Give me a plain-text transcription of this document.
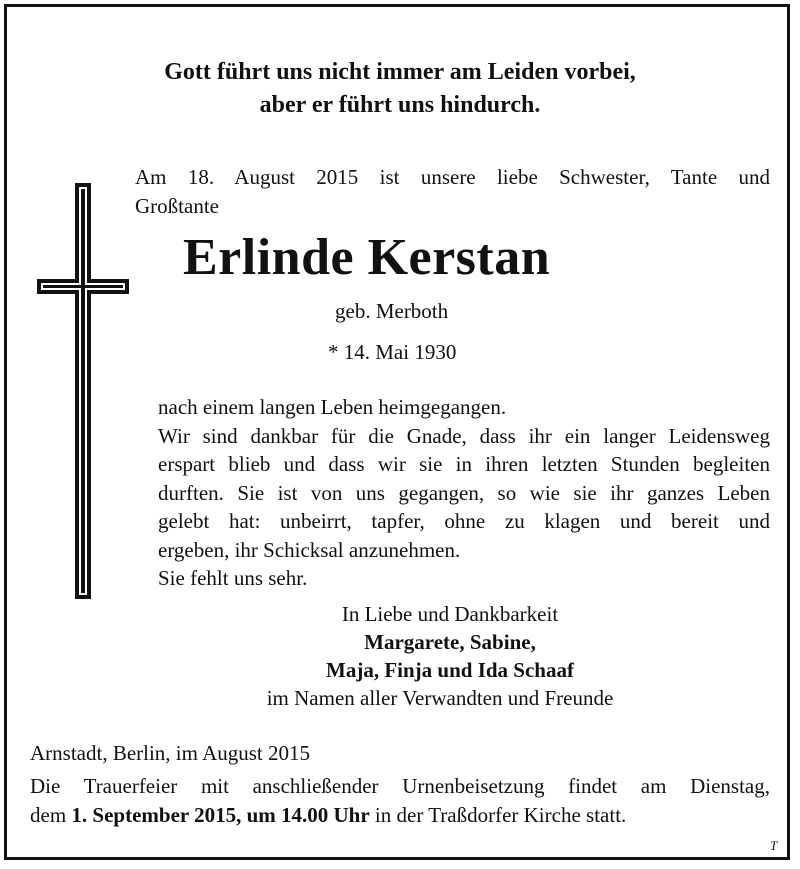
Gott führt uns nicht immer am Leiden vorbei,
aber er führt uns hindurch.
Am 18. August 2015 ist unsere liebe Schwester, Tante und
Großtante
Erlinde Kerstan
geb. Merboth
* 14. Mai 1930
nach einem langen Leben heimgegangen.
Wir sind dankbar für die Gnade, dass ihr ein langer Leidensweg
erspart blieb und dass wir sie in ihren letzten Stunden begleiten
durften. Sie ist von uns gegangen, so wie sie ihr ganzes Leben
gelebt hat: unbeirrt, tapfer, ohne zu klagen und bereit und
ergeben, ihr Schicksal anzunehmen.
Sie fehlt uns sehr.
In Liebe und Dankbarkeit
Margarete, Sabine,
Maja, Finja und Ida Schaaf
im Namen aller Verwandten und Freunde
Arnstadt, Berlin, im August 2015
Die Trauerfeier mit anschließender Urnenbeisetzung findet am Dienstag,
dem 1. September 2015, um 14.00 Uhr in der Traßdorfer Kirche statt.
T
